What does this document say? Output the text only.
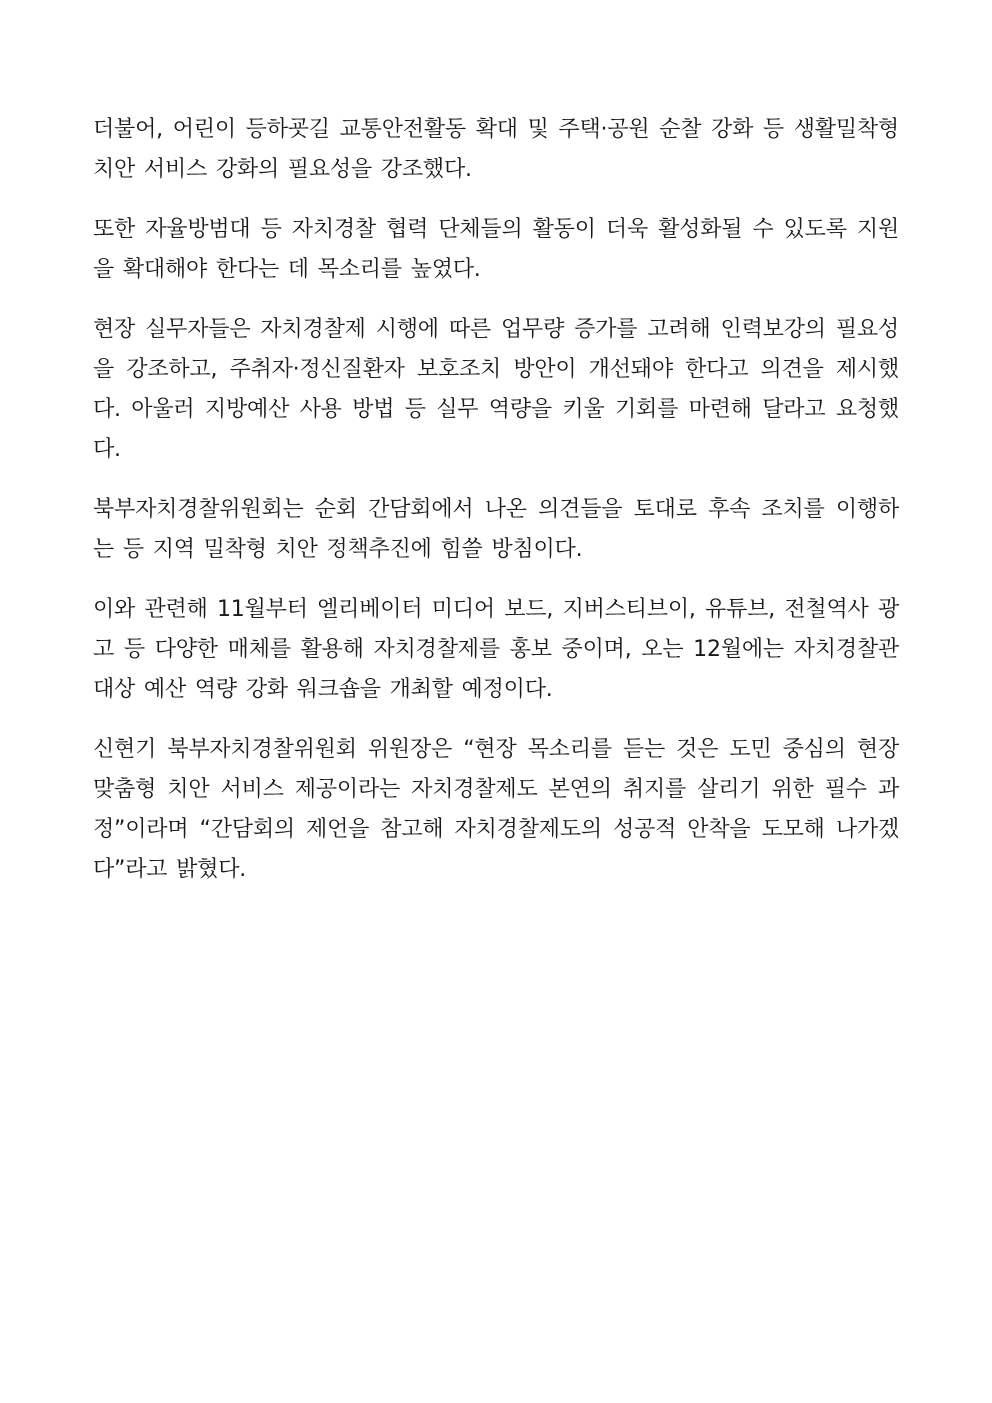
더불어, 어린이 등하굣길 교통안전활동 확대 및 주택·공원 순찰 강화 등 생활밀착형 치안 서비스 강화의 필요성을 강조했다.

또한 자율방범대 등 자치경찰 협력 단체들의 활동이 더욱 활성화될 수 있도록 지원을 확대해야 한다는 데 목소리를 높였다.

현장 실무자들은 자치경찰제 시행에 따른 업무량 증가를 고려해 인력보강의 필요성을 강조하고, 주취자·정신질환자 보호조치 방안이 개선돼야 한다고 의견을 제시했다. 아울러 지방예산 사용 방법 등 실무 역량을 키울 기회를 마련해 달라고 요청했다.

북부자치경찰위원회는 순회 간담회에서 나온 의견들을 토대로 후속 조치를 이행하는 등 지역 밀착형 치안 정책추진에 힘쓸 방침이다.

이와 관련해 11월부터 엘리베이터 미디어 보드, 지버스티브이, 유튜브, 전철역사 광고 등 다양한 매체를 활용해 자치경찰제를 홍보 중이며, 오는 12월에는 자치경찰관 대상 예산 역량 강화 워크숍을 개최할 예정이다.

신현기 북부자치경찰위원회 위원장은 “현장 목소리를 듣는 것은 도민 중심의 현장 맞춤형 치안 서비스 제공이라는 자치경찰제도 본연의 취지를 살리기 위한 필수 과정”이라며 “간담회의 제언을 참고해 자치경찰제도의 성공적 안착을 도모해 나가겠다”라고 밝혔다.
